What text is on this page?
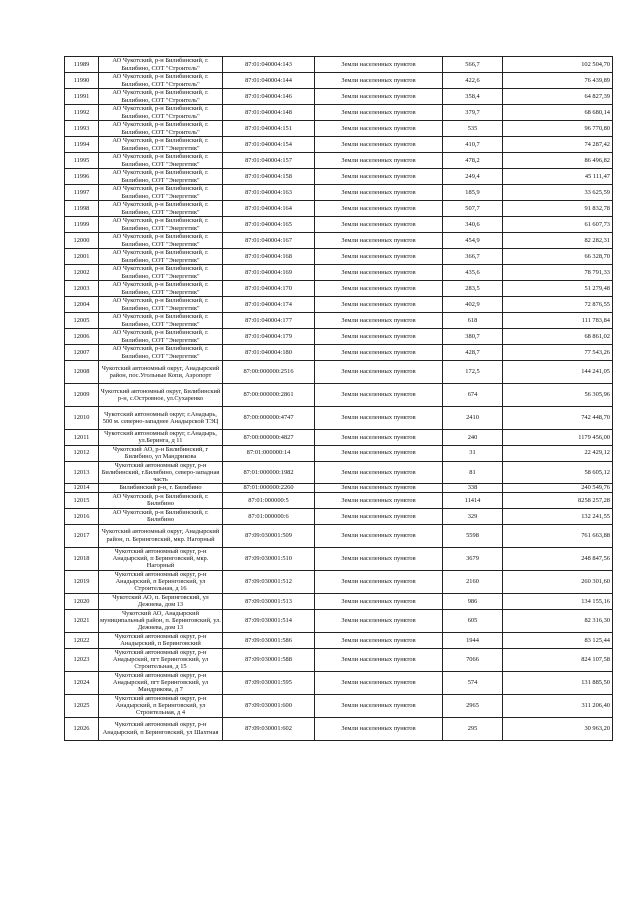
11989	АО Чукотский, р-н Билибинский, г. Билибино, СОТ "Строитель"	87:01:040004:143	Земли населенных пунктов	566,7	102 504,70
11990	АО Чукотский, р-н Билибинский, г. Билибино, СОТ "Строитель"	87:01:040004:144	Земли населенных пунктов	422,6	76 439,89
11991	АО Чукотский, р-н Билибинский, г. Билибино, СОТ "Строитель"	87:01:040004:146	Земли населенных пунктов	358,4	64 827,39
11992	АО Чукотский, р-н Билибинский, г. Билибино, СОТ "Строитель"	87:01:040004:148	Земли населенных пунктов	379,7	68 680,14
11993	АО Чукотский, р-н Билибинский, г. Билибино, СОТ "Строитель"	87:01:040004:151	Земли населенных пунктов	535	96 770,80
11994	АО Чукотский, р-н Билибинский, г. Билибино, СОТ "Энергетик"	87:01:040004:154	Земли населенных пунктов	410,7	74 287,42
11995	АО Чукотский, р-н Билибинский, г. Билибино, СОТ "Энергетик"	87:01:040004:157	Земли населенных пунктов	478,2	86 496,82
11996	АО Чукотский, р-н Билибинский, г. Билибино, СОТ "Энергетик"	87:01:040004:158	Земли населенных пунктов	249,4	45 111,47
11997	АО Чукотский, р-н Билибинский, г. Билибино, СОТ "Энергетик"	87:01:040004:163	Земли населенных пунктов	185,9	33 625,59
11998	АО Чукотский, р-н Билибинский, г. Билибино, СОТ "Энергетик"	87:01:040004:164	Земли населенных пунктов	507,7	91 832,78
11999	АО Чукотский, р-н Билибинский, г. Билибино, СОТ "Энергетик"	87:01:040004:165	Земли населенных пунктов	340,6	61 607,73
12000	АО Чукотский, р-н Билибинский, г. Билибино, СОТ "Энергетик"	87:01:040004:167	Земли населенных пунктов	454,9	82 282,31
12001	АО Чукотский, р-н Билибинский, г. Билибино, СОТ "Энергетик"	87:01:040004:168	Земли населенных пунктов	366,7	66 328,70
12002	АО Чукотский, р-н Билибинский, г. Билибино, СОТ "Энергетик"	87:01:040004:169	Земли населенных пунктов	435,6	78 791,33
12003	АО Чукотский, р-н Билибинский, г. Билибино, СОТ "Энергетик"	87:01:040004:170	Земли населенных пунктов	283,5	51 279,48
12004	АО Чукотский, р-н Билибинский, г. Билибино, СОТ "Энергетик"	87:01:040004:174	Земли населенных пунктов	402,9	72 876,55
12005	АО Чукотский, р-н Билибинский, г. Билибино, СОТ "Энергетик"	87:01:040004:177	Земли населенных пунктов	618	111 783,84
12006	АО Чукотский, р-н Билибинский, г. Билибино, СОТ "Энергетик"	87:01:040004:179	Земли населенных пунктов	380,7	68 861,02
12007	АО Чукотский, р-н Билибинский, г. Билибино, СОТ "Энергетик"	87:01:040004:180	Земли населенных пунктов	428,7	77 543,26
12008	Чукотский автономный округ, Анадырский район, пос.Угольные Копи, Аэропорт	87:00:000000:2516	Земли населенных пунктов	172,5	144 241,05
12009	Чукотский автономный округ, Билибинский р-н, с.Островное, ул.Сухаренко	87:00:000000:2861	Земли населенных пунктов	674	56 305,96
12010	Чукотский автономный округ, г.Анадырь, 500 м. северно-западнее Анадырской ТЭЦ	87:00:000000:4747	Земли населенных пунктов	2410	742 448,70
12011	Чукотский автономный округ, г.Анадырь, ул.Беринга, д 11	87:00:000000:4827	Земли населенных пунктов	240	1179 456,00
12012	Чукотский АО, р-н Билибинский, г Билибино, ул Мандрикова	87:01:000000:14	Земли населенных пунктов	31	22 429,12
12013	Чукотский автономный округ, р-н Билибинский, г.Билибино, северо-западная часть	87:01:000000:1982	Земли населенных пунктов	81	58 605,12
12014	Билибинский р-н, г. Билибино	87:01:000000:2260	Земли населенных пунктов	338	240 549,76
12015	АО Чукотский, р-н Билибинский, г. Билибино	87:01:000000:5	Земли населенных пунктов	11414	8258 257,28
12016	АО Чукотский, р-н Билибинский, г. Билибино	87:01:000000:6	Земли населенных пунктов	329	132 241,55
12017	Чукотский автономный округ, Анадырский район, п. Беринговский, мкр. Нагорный	87:09:030001:509	Земли населенных пунктов	5598	761 663,88
12018	Чукотский автономный округ, р-н Анадырский, п Беринговский, мкр. Нагорный	87:09:030001:510	Земли населенных пунктов	3679	248 847,56
12019	Чукотский автономный округ, р-н Анадырский, п Беринговский, ул Строительная, д 16	87:09:030001:512	Земли населенных пунктов	2160	260 301,60
12020	Чукотский АО, п. Беринговский, ул Дежнева, дом 13	87:09:030001:513	Земли населенных пунктов	986	134 155,16
12021	Чукотский АО, Анадырский муниципальный район, п. Беринговский, ул. Дежнева, дом 13	87:09:030001:514	Земли населенных пунктов	605	82 316,30
12022	Чукотский автономный округ, р-н Анадырский, п Беринговский	87:09:030001:586	Земли населенных пунктов	1944	83 125,44
12023	Чукотский автономный округ, р-н Анадырский, пгт Беринговский, ул Строительная, д 15	87:09:030001:588	Земли населенных пунктов	7066	824 107,58
12024	Чукотский автономный округ, р-н Анадырский, пгт Беринговский, ул Мандрикова, д 7	87:09:030001:595	Земли населенных пунктов	574	131 885,50
12025	Чукотский автономный округ, р-н Анадырский, п Беринговский, ул Строительная, д 4	87:09:030001:600	Земли населенных пунктов	2965	311 206,40
12026	Чукотский автономный округ, р-н Анадырский, п Беринговский, ул Шахтная	87:09:030001:602	Земли населенных пунктов	295	30 963,20
